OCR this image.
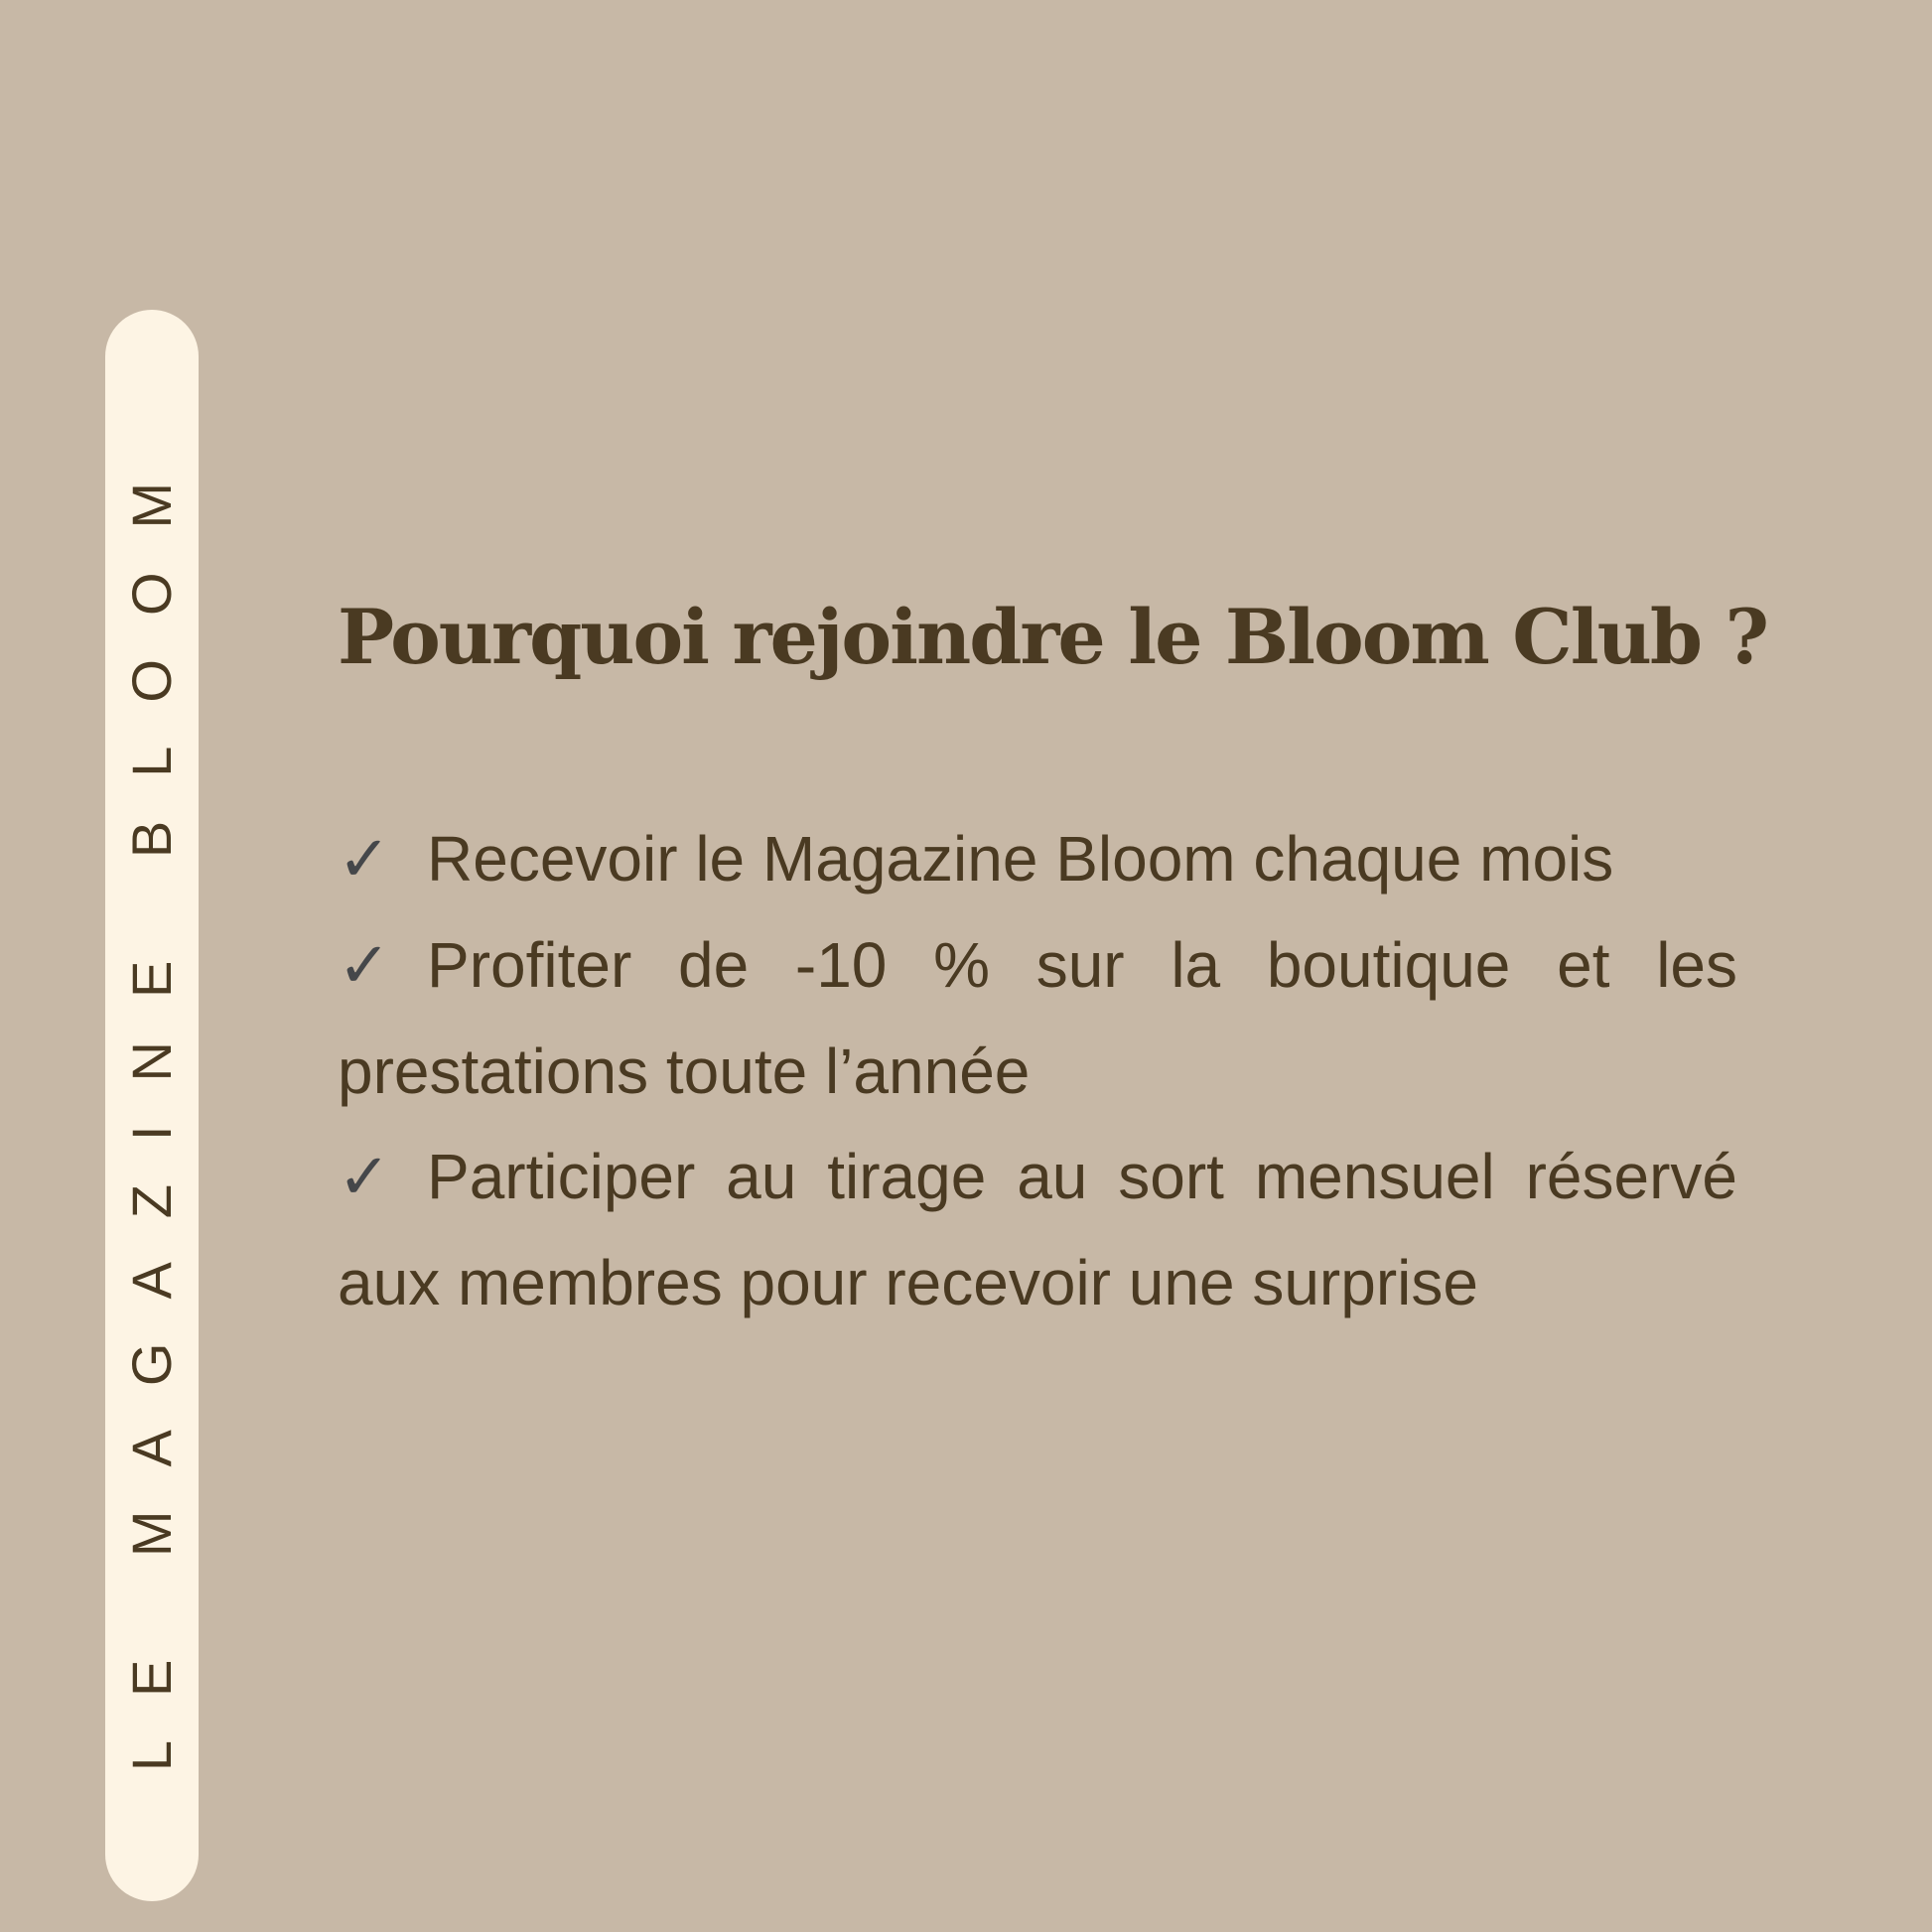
LE MAGAZINE BLOOM Pourquoi rejoindre le Bloom Club ?
✓ Recevoir le Magazine Bloom chaque mois
✓ Profiter de -10 % sur la boutique et les prestations toute l’année
✓ Participer au tirage au sort mensuel réservé aux membres pour recevoir une surprise
